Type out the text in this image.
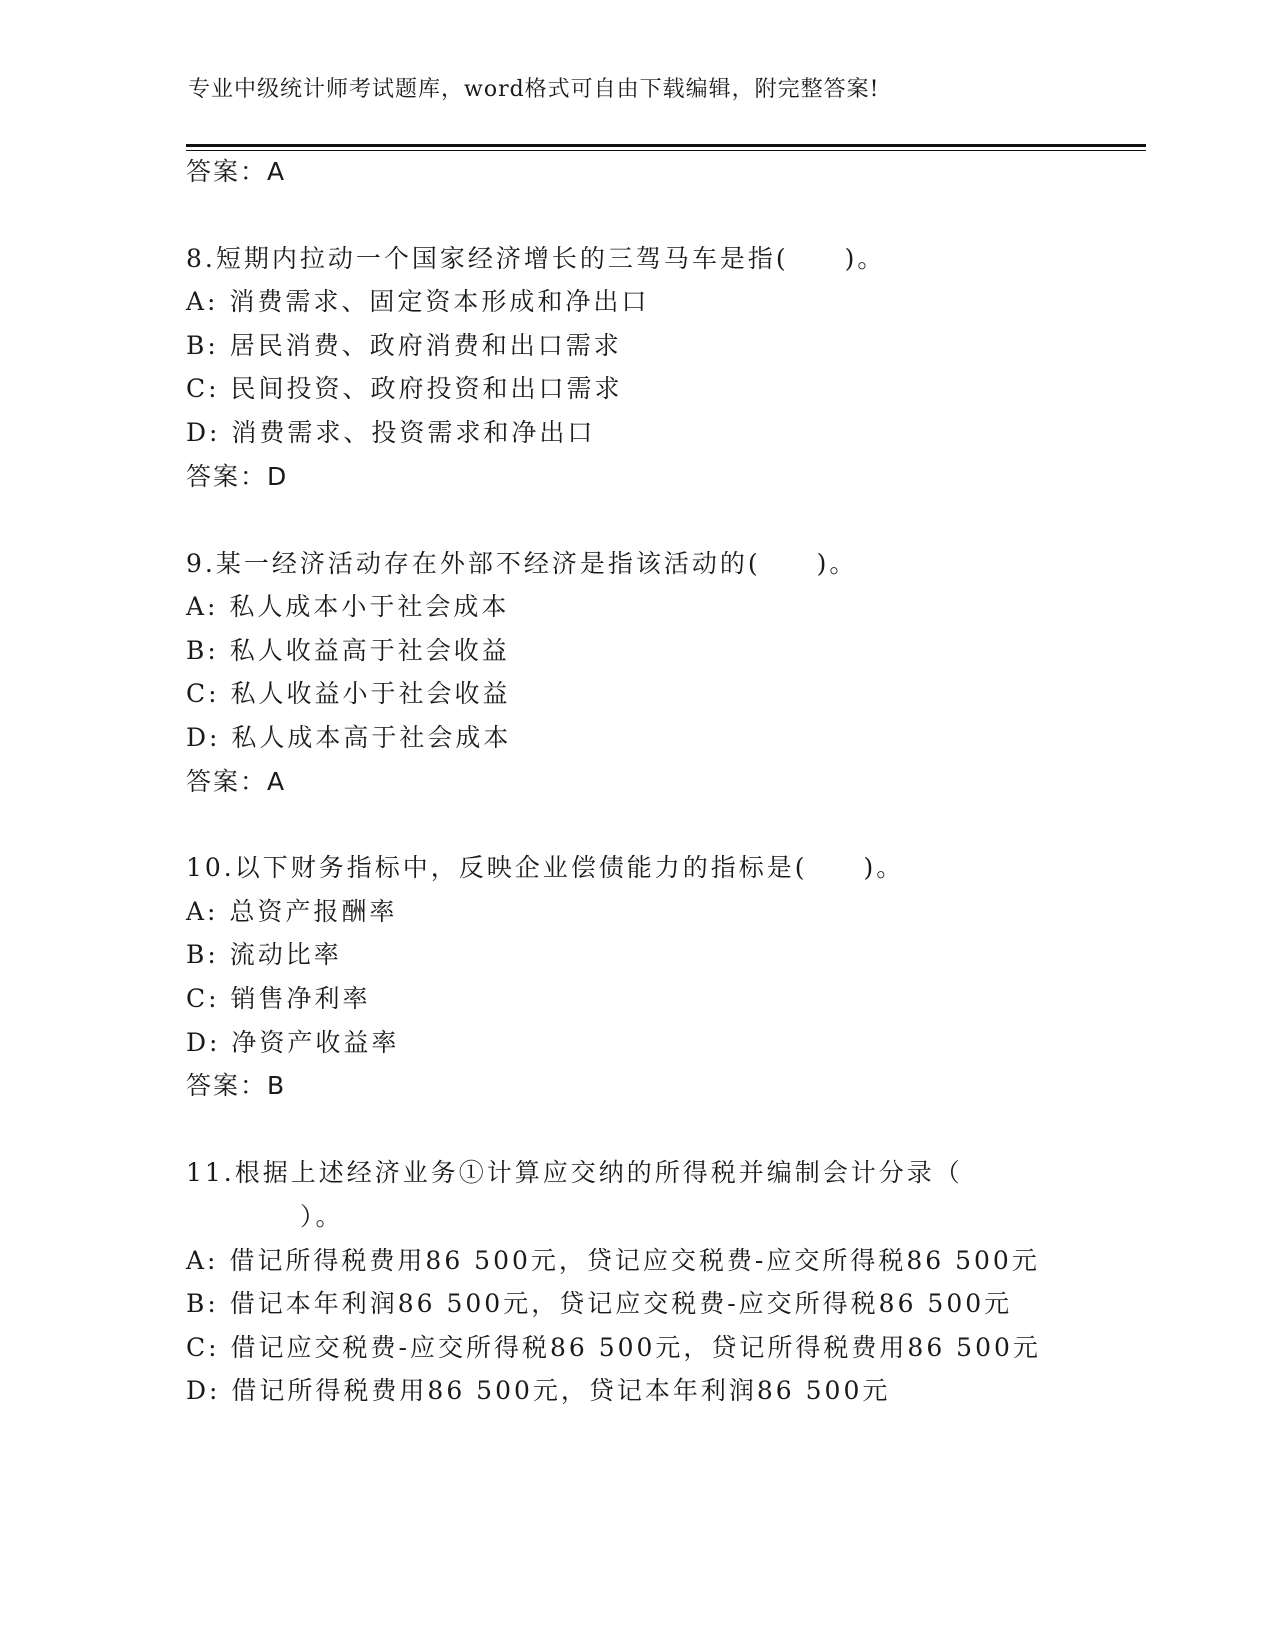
专业中级统计师考试题库，word格式可自由下载编辑，附完整答案!
答案：A
8.短期内拉动一个国家经济增长的三驾马车是指(　　)。
A: 消费需求、固定资本形成和净出口
B: 居民消费、政府消费和出口需求
C: 民间投资、政府投资和出口需求
D: 消费需求、投资需求和净出口
答案：D
9.某一经济活动存在外部不经济是指该活动的(　　)。
A: 私人成本小于社会成本
B: 私人收益高于社会收益
C: 私人收益小于社会收益
D: 私人成本高于社会成本
答案：A
10.以下财务指标中，反映企业偿债能力的指标是(　　)。
A: 总资产报酬率
B: 流动比率
C: 销售净利率
D: 净资产收益率
答案：B
11.根据上述经济业务①计算应交纳的所得税并编制会计分录（
）。
A: 借记所得税费用86 500元，贷记应交税费-应交所得税86 500元
B: 借记本年利润86 500元，贷记应交税费-应交所得税86 500元
C: 借记应交税费-应交所得税86 500元，贷记所得税费用86 500元
D: 借记所得税费用86 500元，贷记本年利润86 500元
